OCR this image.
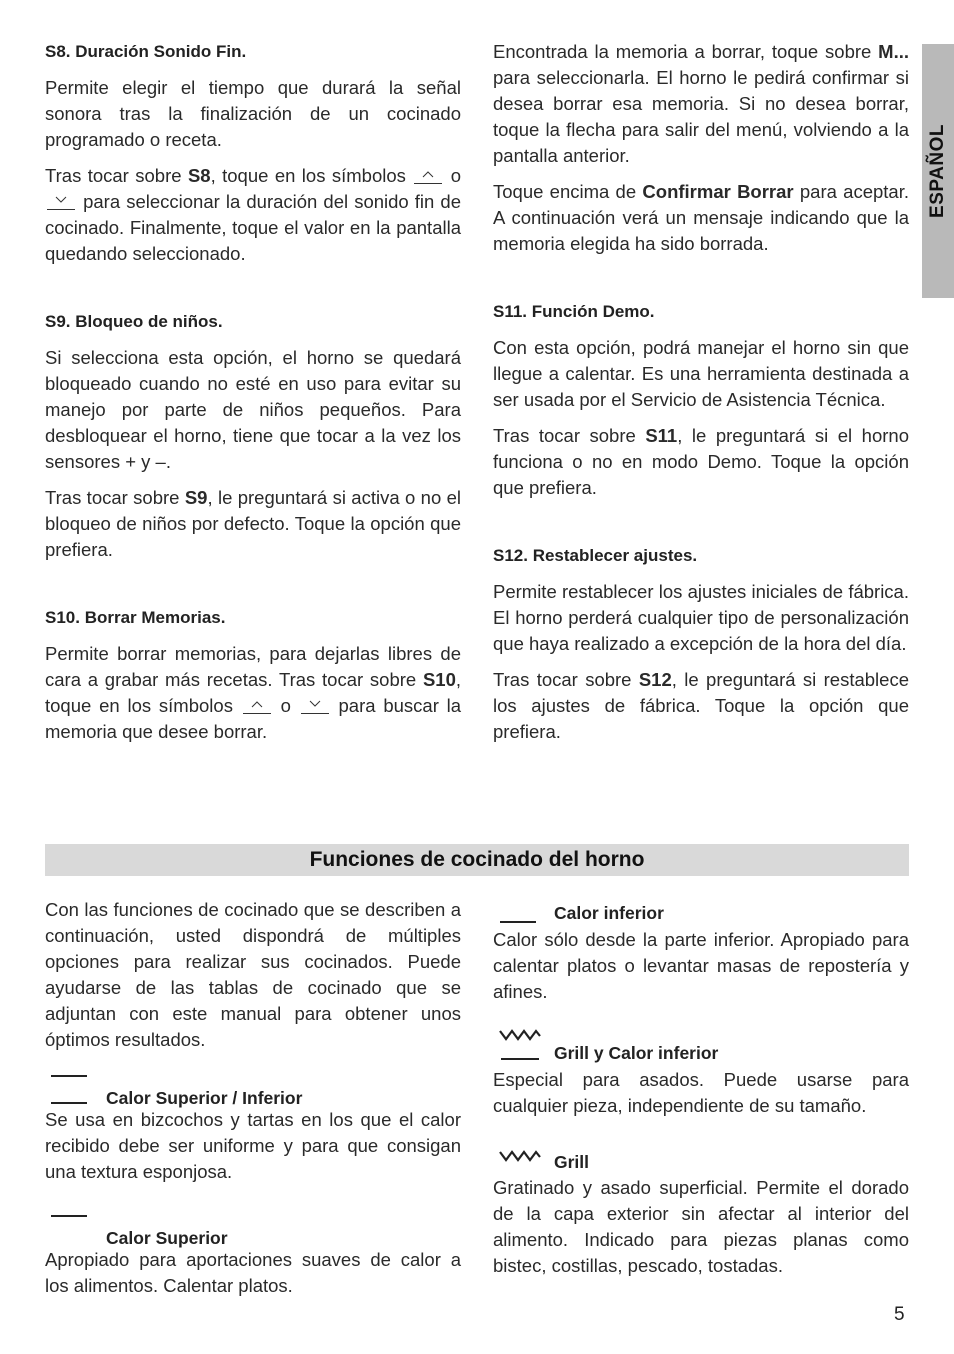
ESPAÑOL

S8. Duración Sonido Fin.

Permite elegir el tiempo que durará la señal sonora tras la finalización de un cocinado programado o receta.

Tras tocar sobre S8, toque en los símbolos o
para seleccionar la duración del sonido fin de cocinado. Finalmente, toque el valor en la pantalla quedando seleccionado.

S9. Bloqueo de niños.

Si selecciona esta opción, el horno se quedará bloqueado cuando no esté en uso para evitar su manejo por parte de niños pequeños. Para desbloquear el horno, tiene que tocar a la vez los sensores + y –.

Tras tocar sobre S9, le preguntará si activa o no el bloqueo de niños por defecto. Toque la opción que prefiera.

S10. Borrar Memorias.

Permite borrar memorias, para dejarlas libres de cara a grabar más recetas. Tras tocar sobre S10, toque en los símbolos	o	para buscar la memoria que desee borrar.

Encontrada la memoria a borrar, toque sobre M... para seleccionarla. El horno le pedirá confirmar si desea borrar esa memoria. Si no desea borrar, toque la flecha para salir del menú, volviendo a la pantalla anterior.

Toque encima de Confirmar Borrar para aceptar. A continuación verá un mensaje indicando que la memoria elegida ha sido borrada.

S11. Función Demo.

Con esta opción, podrá manejar el horno sin que llegue a calentar. Es una herramienta destinada a ser usada por el Servicio de Asistencia Técnica.

Tras tocar sobre S11, le preguntará si el horno funciona o no en modo Demo. Toque la opción que prefiera.

S12. Restablecer ajustes.

Permite restablecer los ajustes iniciales de fábrica. El horno perderá cualquier tipo de personalización que haya realizado a excepción de la hora del día.

Tras tocar sobre S12, le preguntará si restablece los ajustes de fábrica. Toque la opción que prefiera.

Funciones de cocinado del horno

Con las funciones de cocinado que se describen a continuación, usted dispondrá de múltiples opciones para realizar sus cocinados. Puede ayudarse de las tablas de cocinado que se adjuntan con este manual para obtener unos óptimos resultados.

Calor Superior / Inferior

Se usa en bizcochos y tartas en los que el calor recibido debe ser uniforme y para que consigan una textura esponjosa.

Calor Superior

Apropiado para aportaciones suaves de calor a los alimentos. Calentar platos.

Calor inferior

Calor sólo desde la parte inferior. Apropiado para calentar platos o levantar masas de repostería y afines.

Grill y Calor inferior

Especial para asados. Puede usarse para cualquier pieza, independiente de su tamaño.

Grill

Gratinado y asado superficial. Permite el dorado de la capa exterior sin afectar al interior del alimento. Indicado para piezas planas como bistec, costillas, pescado, tostadas.

5
